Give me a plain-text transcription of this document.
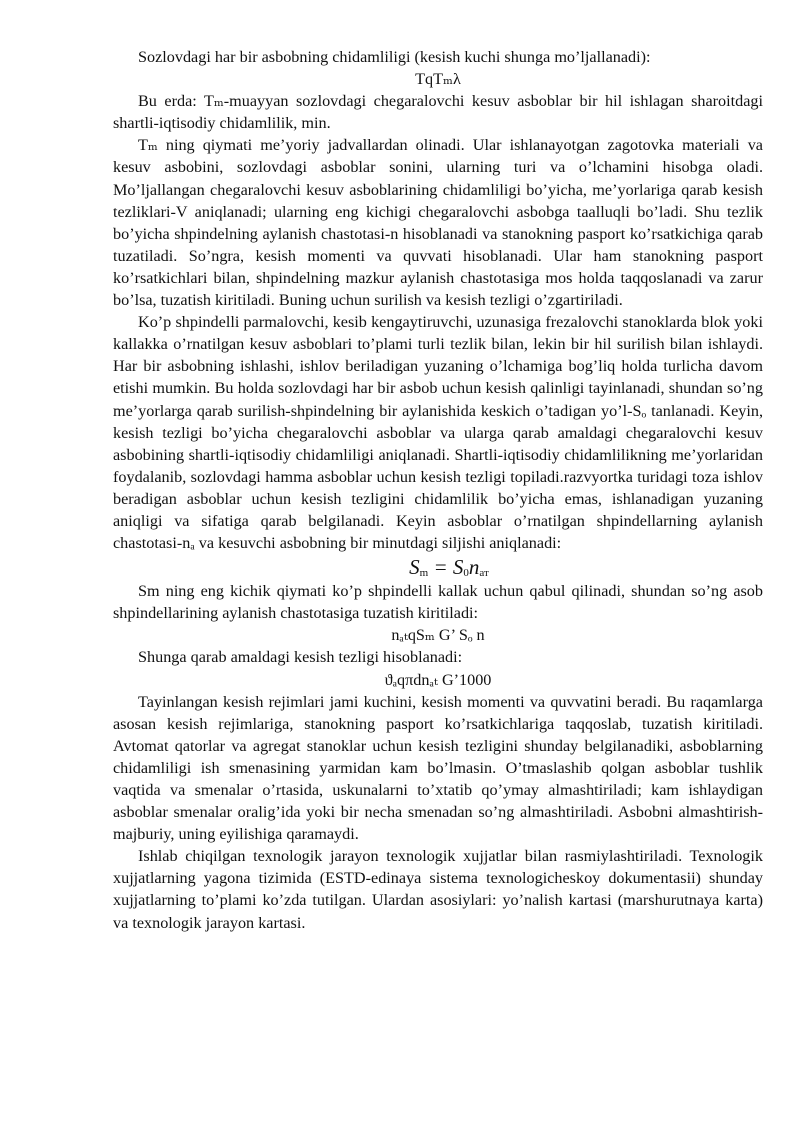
Sozlovdagi har bir asbobning chidamliligi (kesish kuchi shunga mo’ljallanadi):

TqTₘλ

Bu erda: Tₘ-muayyan sozlovdagi chegaralovchi kesuv asboblar bir hil ishlagan sharoitdagi shartli-iqtisodiy chidamlilik, min.

Tₘ ning qiymati me’yoriy jadvallardan olinadi. Ular ishlanayotgan zagotovka materiali va kesuv asbobini, sozlovdagi asboblar sonini, ularning turi va o’lchamini hisobga oladi. Mo’ljallangan chegaralovchi kesuv asboblarining chidamliligi bo’yicha, me’yorlariga qarab kesish tezliklari-V aniqlanadi; ularning eng kichigi chegaralovchi asbobga taalluqli bo’ladi. Shu tezlik bo’yicha shpindelning aylanish chastotasi-n hisoblanadi va stanokning pasport ko’rsatkichiga qarab tuzatiladi. So’ngra, kesish momenti va quvvati hisoblanadi. Ular ham stanokning pasport ko’rsatkichlari bilan, shpindelning mazkur aylanish chastotasiga mos holda taqqoslanadi va zarur bo’lsa, tuzatish kiritiladi. Buning uchun surilish va kesish tezligi o’zgartiriladi.

Ko’p shpindelli parmalovchi, kesib kengaytiruvchi, uzunasiga frezalovchi stanoklarda blok yoki kallakka o’rnatilgan kesuv asboblari to’plami turli tezlik bilan, lekin bir hil surilish bilan ishlaydi. Har bir asbobning ishlashi, ishlov beriladigan yuzaning o’lchamiga bog’liq holda turlicha davom etishi mumkin. Bu holda sozlovdagi har bir asbob uchun kesish qalinligi tayinlanadi, shundan so’ng me’yorlarga qarab surilish-shpindelning bir aylanishida keskich o’tadigan yo’l-Sₒ tanlanadi. Keyin, kesish tezligi bo’yicha chegaralovchi asboblar va ularga qarab amaldagi chegaralovchi kesuv asbobining shartli-iqtisodiy chidamliligi aniqlanadi. Shartli-iqtisodiy chidamlilikning me’yorlaridan foydalanib, sozlovdagi hamma asboblar uchun kesish tezligi topiladi.razvyortka turidagi toza ishlov beradigan asboblar uchun kesish tezligini chidamlilik bo’yicha emas, ishlanadigan yuzaning aniqligi va sifatiga qarab belgilanadi. Keyin asboblar o’rnatilgan shpindellarning aylanish chastotasi-nₐ va kesuvchi asbobning bir minutdagi siljishi aniqlanadi:

$S_m = S_0n_{ат}$

Sm ning eng kichik qiymati ko’p shpindelli kallak uchun qabul qilinadi, shundan so’ng asob shpindellarining aylanish chastotasiga tuzatish kiritiladi:

nₐₜqSₘ G’ Sₒ n

Shunga qarab amaldagi kesish tezligi hisoblanadi:

ϑₐqπdnₐₜ G’1000

Tayinlangan kesish rejimlari jami kuchini, kesish momenti va quvvatini beradi. Bu raqamlarga asosan kesish rejimlariga, stanokning pasport ko’rsatkichlariga taqqoslab, tuzatish kiritiladi. Avtomat qatorlar va agregat stanoklar uchun kesish tezligini shunday belgilanadiki, asboblarning chidamliligi ish smenasining yarmidan kam bo’lmasin. O’tmaslashib qolgan asboblar tushlik vaqtida va smenalar o’rtasida, uskunalarni to’xtatib qo’ymay almashtiriladi; kam ishlaydigan asboblar smenalar oralig’ida yoki bir necha smenadan so’ng almashtiriladi. Asbobni almashtirish-majburiy, uning eyilishiga qaramaydi.

Ishlab chiqilgan texnologik jarayon texnologik xujjatlar bilan rasmiylashtiriladi. Texnologik xujjatlarning yagona tizimida (ESTD-edinaya sistema texnologicheskoy dokumentasii) shunday xujjatlarning to’plami ko’zda tutilgan. Ulardan asosiylari: yo’nalish kartasi (marshurutnaya karta) va texnologik jarayon kartasi.
